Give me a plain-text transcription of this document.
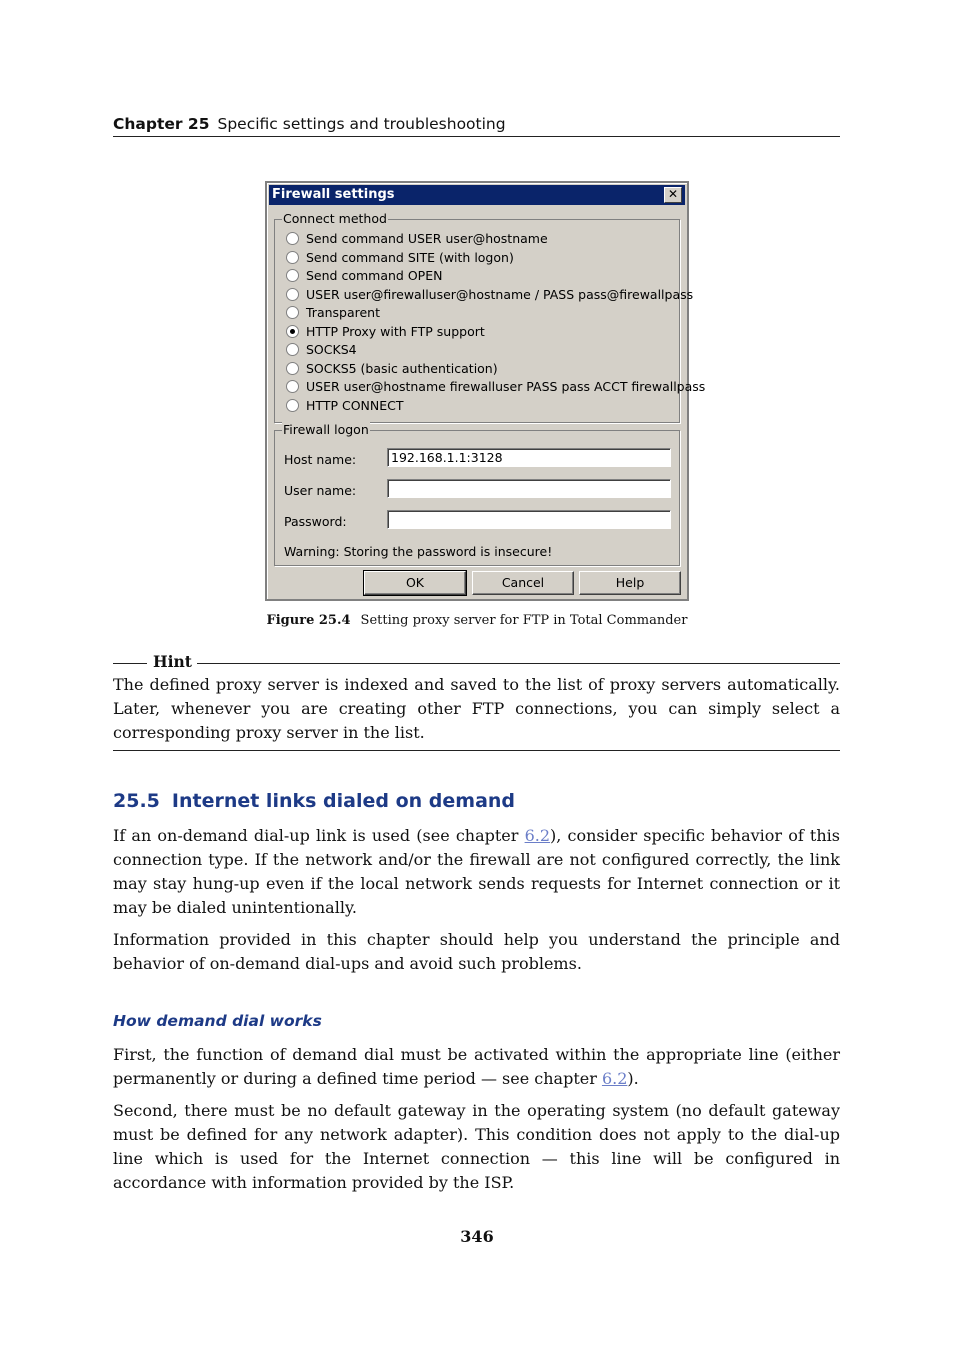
Chapter 25 Specific settings and troubleshooting
Firewall settings	✕
Connect method
Send command USER user@hostname
Send command SITE (with logon)
Send command OPEN
USER user@firewalluser@hostname / PASS pass@firewallpass
Transparent
HTTP Proxy with FTP support
SOCKS4
SOCKS5 (basic authentication)
USER user@hostname firewalluser PASS pass ACCT firewallpass
HTTP CONNECT
Firewall logon
Host name:
192.168.1.1:3128
User name:
Password:
Warning: Storing the password is insecure!
OK	Cancel	Help
Figure 25.4 Setting proxy server for FTP in Total Commander
Hint
The defined proxy server is indexed and saved to the list of proxy servers automatically. Later, whenever you are creating other FTP connections, you can simply select a corresponding proxy server in the list.
25.5 Internet links dialed on demand

If an on-demand dial-up link is used (see chapter 6.2), consider specific behavior of this connection type. If the network and/or the firewall are not configured correctly, the link may stay hung-up even if the local network sends requests for Internet connection or it may be dialed unintentionally.

Information provided in this chapter should help you understand the principle and behavior of on-demand dial-ups and avoid such problems.

How demand dial works

First, the function of demand dial must be activated within the appropriate line (either permanently or during a defined time period — see chapter 6.2).

Second, there must be no default gateway in the operating system (no default gateway must be defined for any network adapter). This condition does not apply to the dial-up line which is used for the Internet connection — this line will be configured in accordance with information provided by the ISP.

346
